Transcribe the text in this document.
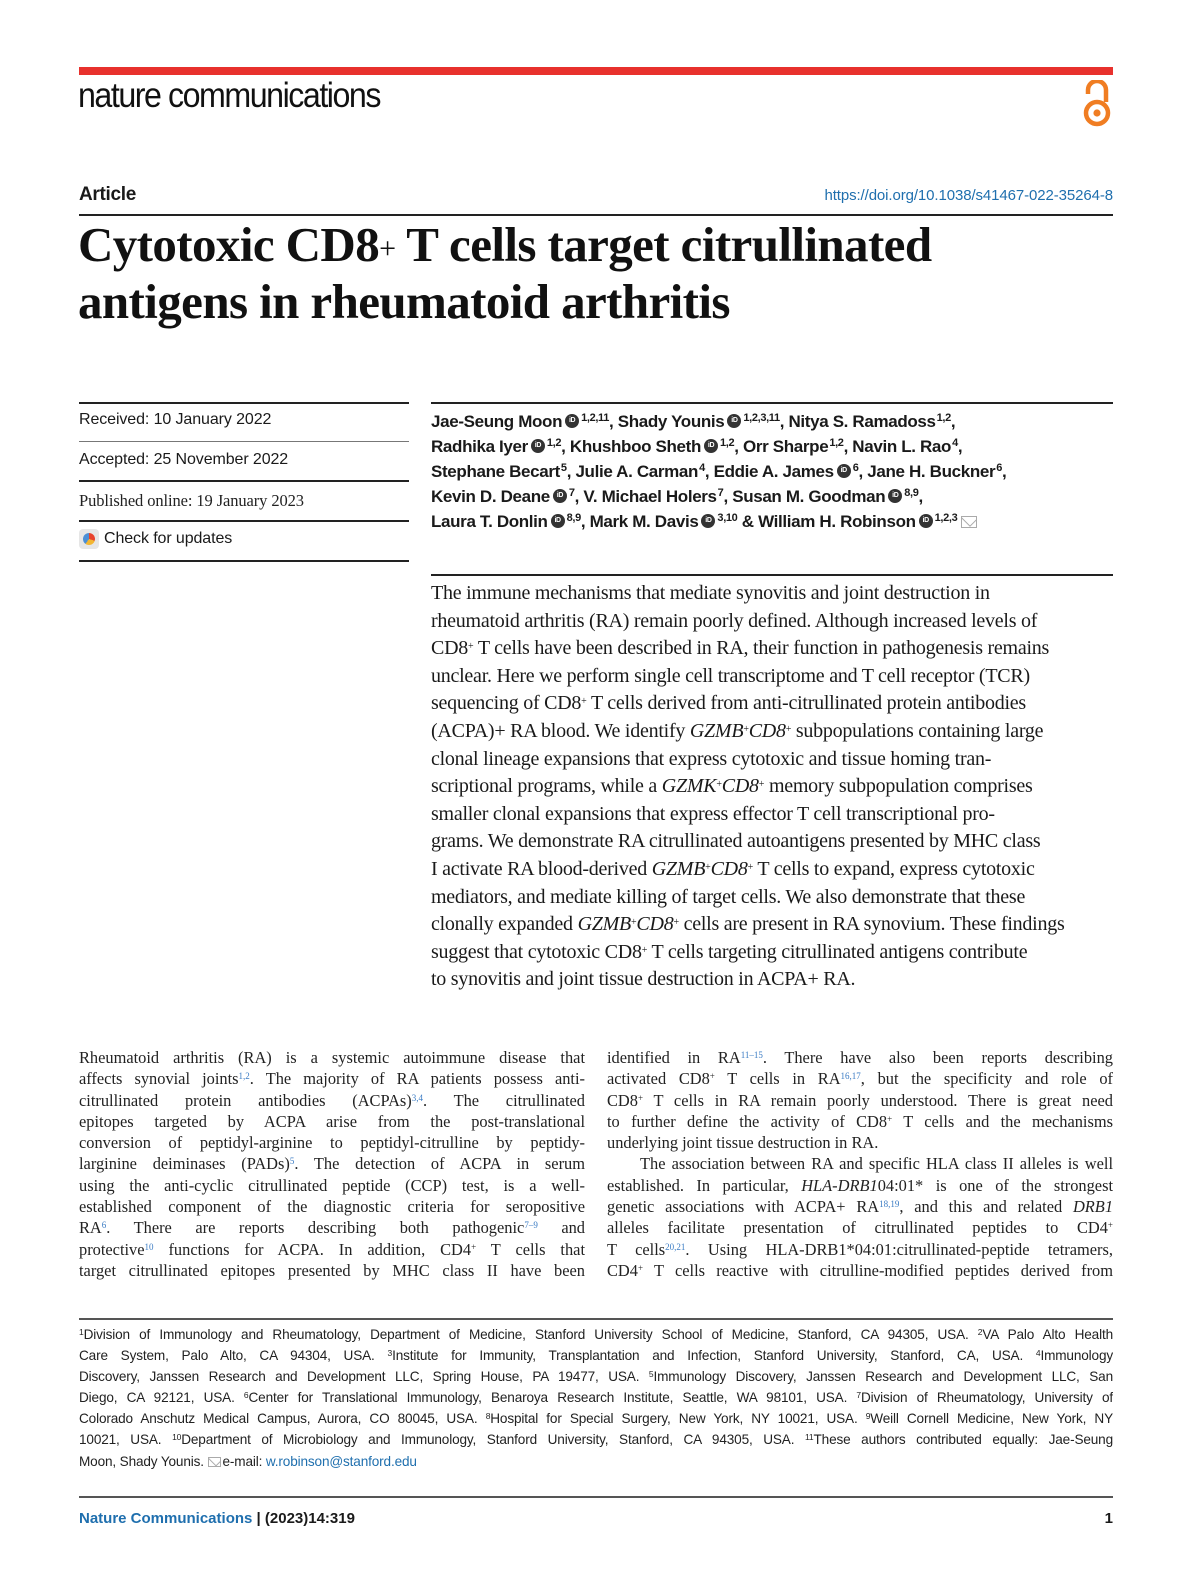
nature communications
Article	https://doi.org/10.1038/s41467-022-35264-8
Cytotoxic CD8+ T cells target citrullinated
antigens in rheumatoid arthritis
Received: 10 January 2022
Accepted: 25 November 2022
Published online: 19 January 2023
Check for updates
Jae-Seung Moon iD $^{1,2,11}$, Shady Younis iD $^{1,2,3,11}$, Nitya S. Ramadoss$^{1,2}$,
Radhika Iyer iD $^{1,2}$, Khushboo Sheth iD $^{1,2}$, Orr Sharpe$^{1,2}$, Navin L. Rao$^4$,
Stephane Becart$^5$, Julie A. Carman$^4$, Eddie A. James iD $^6$, Jane H. Buckner$^6$,
Kevin D. Deane iD $^7$, V. Michael Holers$^7$, Susan M. Goodman iD $^{8,9}$,
Laura T. Donlin iD $^{8,9}$, Mark M. Davis iD $^{3,10}$ & William H. Robinson iD $^{1,2,3}$
The immune mechanisms that mediate synovitis and joint destruction in
rheumatoid arthritis (RA) remain poorly defined. Although increased levels of
CD8+ T cells have been described in RA, their function in pathogenesis remains
unclear. Here we perform single cell transcriptome and T cell receptor (TCR)
sequencing of CD8+ T cells derived from anti-citrullinated protein antibodies
(ACPA)+ RA blood. We identify GZMB+CD8+ subpopulations containing large
clonal lineage expansions that express cytotoxic and tissue homing tran-
scriptional programs, while a GZMK+CD8+ memory subpopulation comprises
smaller clonal expansions that express effector T cell transcriptional pro-
grams. We demonstrate RA citrullinated autoantigens presented by MHC class
I activate RA blood-derived GZMB+CD8+ T cells to expand, express cytotoxic
mediators, and mediate killing of target cells. We also demonstrate that these
clonally expanded GZMB+CD8+ cells are present in RA synovium. These findings
suggest that cytotoxic CD8+ T cells targeting citrullinated antigens contribute
to synovitis and joint tissue destruction in ACPA+ RA.
Rheumatoid arthritis (RA) is a systemic autoimmune disease that
affects synovial joints$^{1,2}$. The majority of RA patients possess anti-
citrullinated protein antibodies (ACPAs)$^{3,4}$. The citrullinated
epitopes targeted by ACPA arise from the post-translational
conversion of peptidyl-arginine to peptidyl-citrulline by peptidy-
larginine deiminases (PADs)$^5$. The detection of ACPA in serum
using the anti-cyclic citrullinated peptide (CCP) test, is a well-
established component of the diagnostic criteria for seropositive
$RA^6$. There are reports describing both pathogenic$^{7-9}$ and
protective$^{10}$ functions for ACPA. In addition, CD4+ T cells that
target citrullinated epitopes presented by MHC class II have been
identified in RA$^{11-15}$. There have also been reports describing
activated CD8+ T cells in RA$^{16,17}$, but the specificity and role of
CD8+ T cells in RA remain poorly understood. There is great need
to further define the activity of CD8+ T cells and the mechanisms
underlying joint tissue destruction in RA.
The association between RA and specific HLA class II alleles is well
established. In particular, HLA-DRB104:01* is one of the strongest
genetic associations with ACPA+ RA$^{18,19}$, and this and related DRB1
alleles facilitate presentation of citrullinated peptides to CD4+
T cells$^{20,21}$. Using HLA-DRB1*04:01:citrullinated-peptide tetramers,
CD4+ T cells reactive with citrulline-modified peptides derived from
$^1$Division of Immunology and Rheumatology, Department of Medicine, Stanford University School of Medicine, Stanford, CA 94305, USA. $^2$VA Palo Alto Health
Care System, Palo Alto, CA 94304, USA. $^3$Institute for Immunity, Transplantation and Infection, Stanford University, Stanford, CA, USA. $^4$Immunology
Discovery, Janssen Research and Development LLC, Spring House, PA 19477, USA. $^5$Immunology Discovery, Janssen Research and Development LLC, San
Diego, CA 92121, USA. $^6$Center for Translational Immunology, Benaroya Research Institute, Seattle, WA 98101, USA. $^7$Division of Rheumatology, University of
Colorado Anschutz Medical Campus, Aurora, CO 80045, USA. $^8$Hospital for Special Surgery, New York, NY 10021, USA. $^9$Weill Cornell Medicine, New York, NY
10021, USA. $^{10}$Department of Microbiology and Immunology, Stanford University, Stanford, CA 94305, USA. $^{11}$These authors contributed equally: Jae-Seung
Moon, Shady Younis. e-mail: w.robinson@stanford.edu
Nature Communications | (2023)14:319	1
